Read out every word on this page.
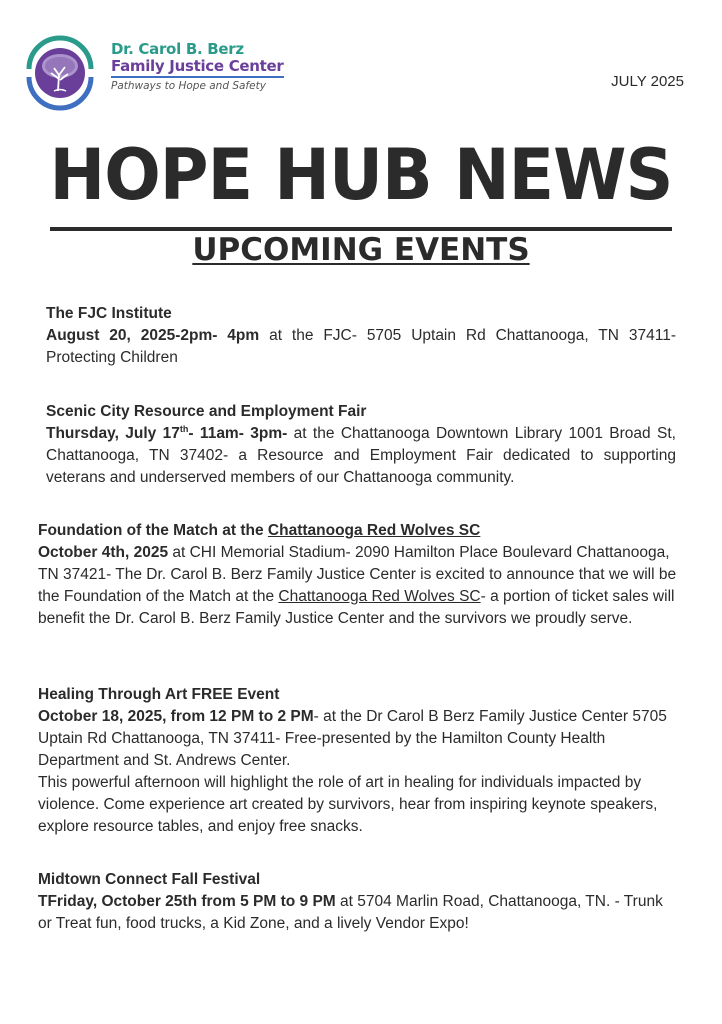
Dr. Carol B. Berz
Family Justice Center
Pathways to Hope and Safety	JULY 2025
HOPE HUB NEWS
UPCOMING EVENTS
The FJC Institute
August 20, 2025-2pm- 4pm at the FJC- 5705 Uptain Rd Chattanooga, TN 37411- Protecting Children
Scenic City Resource and Employment Fair
Thursday, July 17th- 11am- 3pm- at the Chattanooga Downtown Library 1001 Broad St, Chattanooga, TN 37402- a Resource and Employment Fair dedicated to supporting veterans and underserved members of our Chattanooga community.
Foundation of the Match at the Chattanooga Red Wolves SC
October 4th, 2025 at CHI Memorial Stadium- 2090 Hamilton Place Boulevard Chattanooga, TN 37421- The Dr. Carol B. Berz Family Justice Center is excited to announce that we will be the Foundation of the Match at the Chattanooga Red Wolves SC- a portion of ticket sales will benefit the Dr. Carol B. Berz Family Justice Center and the survivors we proudly serve.
Healing Through Art FREE Event
October 18, 2025, from 12 PM to 2 PM- at the Dr Carol B Berz Family Justice Center 5705 Uptain Rd Chattanooga, TN 37411- Free-presented by the Hamilton County Health Department and St. Andrews Center.
This powerful afternoon will highlight the role of art in healing for individuals impacted by violence. Come experience art created by survivors, hear from inspiring keynote speakers, explore resource tables, and enjoy free snacks.
Midtown Connect Fall Festival
TFriday, October 25th from 5 PM to 9 PM at 5704 Marlin Road, Chattanooga, TN. - Trunk or Treat fun, food trucks, a Kid Zone, and a lively Vendor Expo!
